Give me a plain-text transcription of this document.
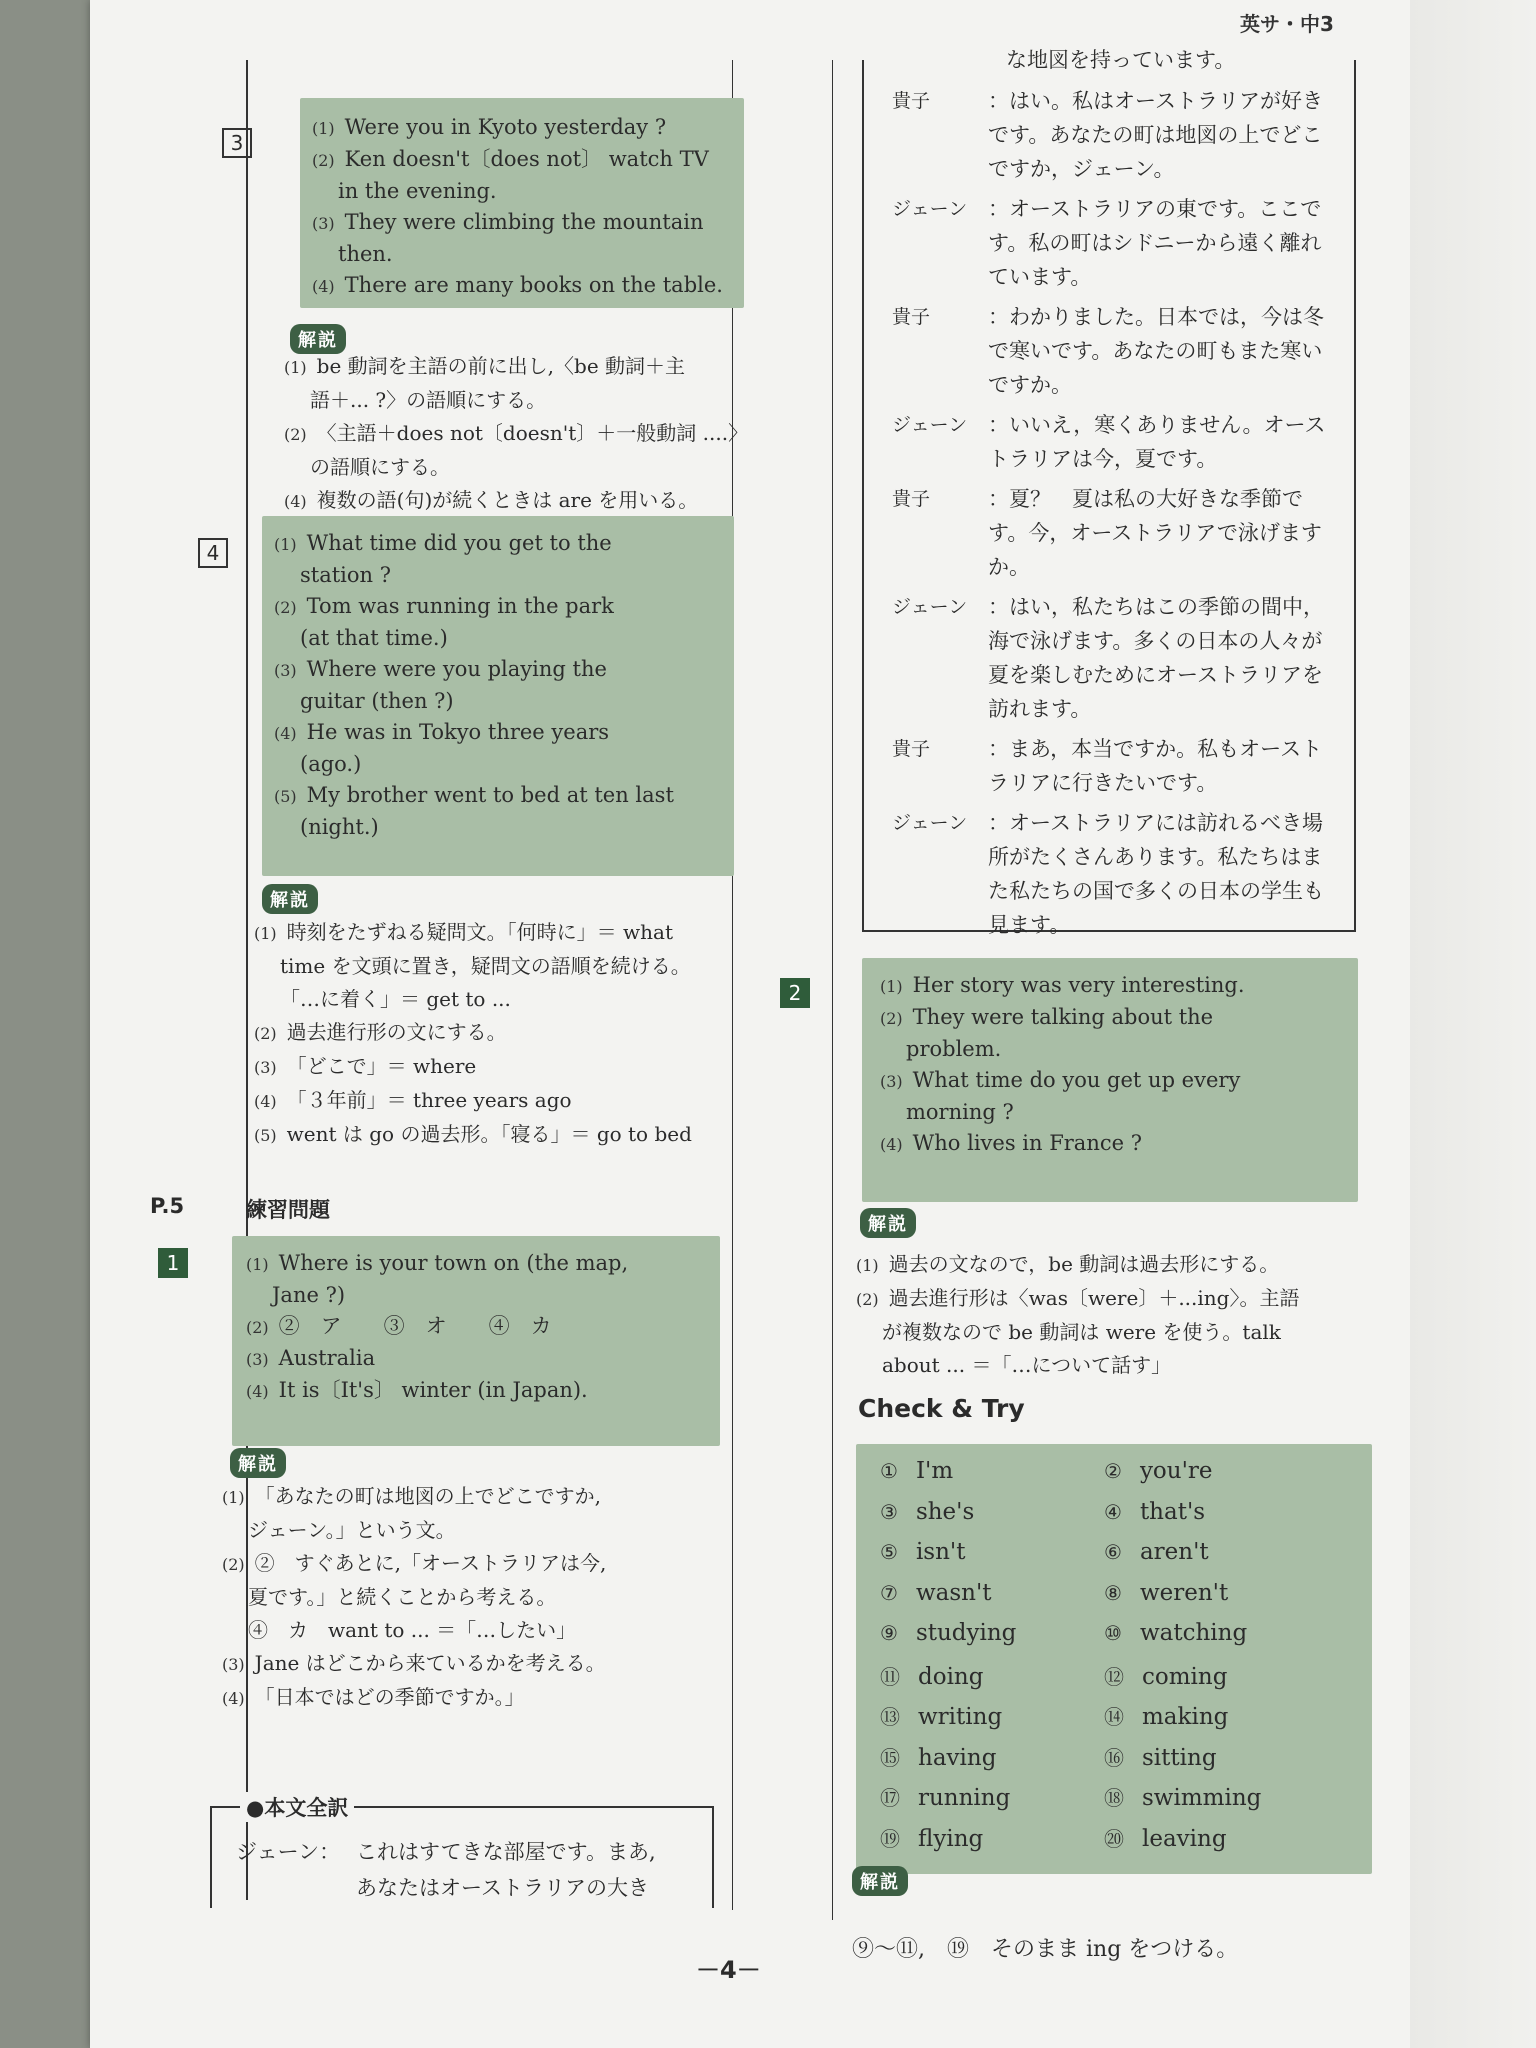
英サ・中3
3
(1) Were you in Kyoto yesterday ?
(2) Ken doesn't〔does not〕 watch TV
in the evening.
(3) They were climbing the mountain
then.
(4) There are many books on the table.
解説
(1) be 動詞を主語の前に出し,〈be 動詞＋主
語＋... ?〉の語順にする。
(2) 〈主語＋does not〔doesn't〕＋一般動詞 ....〉
の語順にする。
(4) 複数の語(句)が続くときは are を用いる。
4	(1) What time did you get to the
station ?
(2) Tom was running in the park
(at that time.)
(3) Where were you playing the
guitar (then ?)
(4) He was in Tokyo three years
(ago.)
(5) My brother went to bed at ten last
(night.)
解説
(1) 時刻をたずねる疑問文。「何時に」＝ what
time を文頭に置き，疑問文の語順を続ける。
「…に着く」＝ get to ...
(2) 過去進行形の文にする。
(3) 「どこで」＝ where
(4) 「３年前」＝ three years ago
(5) went は go の過去形。「寝る」＝ go to bed
P.5	練習問題
1	(1) Where is your town on (the map,
Jane ?)
(2) ②　ア　　③　オ　　④　カ
(3) Australia
(4) It is〔It's〕 winter (in Japan).
解説
(1) 「あなたの町は地図の上でどこですか,
ジェーン。」という文。
(2) ②　すぐあとに,「オーストラリアは今,
夏です。」と続くことから考える。
④　カ　want to ... ＝「…したい」
(3) Jane はどこから来ているかを考える。
(4) 「日本ではどの季節ですか。」
●本文全訳
ジェーン： これはすてきな部屋です。まあ,
あなたはオーストラリアの大き
な地図を持っています。
貴子	：はい。私はオーストラリアが好きです。あなたの町は地図の上でどこですか，ジェーン。
ジェーン ：オーストラリアの東です。ここです。私の町はシドニーから遠く離れています。
貴子	：わかりました。日本では，今は冬で寒いです。あなたの町もまた寒いですか。
ジェーン ：いいえ，寒くありません。オーストラリアは今，夏です。
貴子	：夏？　夏は私の大好きな季節です。今，オーストラリアで泳げますか。
ジェーン ：はい，私たちはこの季節の間中，海で泳げます。多くの日本の人々が夏を楽しむためにオーストラリアを訪れます。
貴子	：まあ，本当ですか。私もオーストラリアに行きたいです。
ジェーン ：オーストラリアには訪れるべき場所がたくさんあります。私たちはまた私たちの国で多くの日本の学生も見ます。
2	(1) Her story was very interesting.
(2) They were talking about the
problem.
(3) What time do you get up every
morning ?
(4) Who lives in France ?
解説
(1) 過去の文なので，be 動詞は過去形にする。
(2) 過去進行形は〈was〔were〕＋...ing〉。主語
が複数なので be 動詞は were を使う。talk
about ... ＝「…について話す」
Check & Try
① I'm	② you're
③ she's	④ that's
⑤ isn't	⑥ aren't
⑦ wasn't	⑧ weren't
⑨ studying	⑩ watching
⑪ doing	⑫ coming
⑬ writing	⑭ making
⑮ having	⑯ sitting
⑰ running	⑱ swimming
⑲ flying	⑳ leaving
解説
⑨～⑪,　⑲　そのまま ing をつける。
－4－
